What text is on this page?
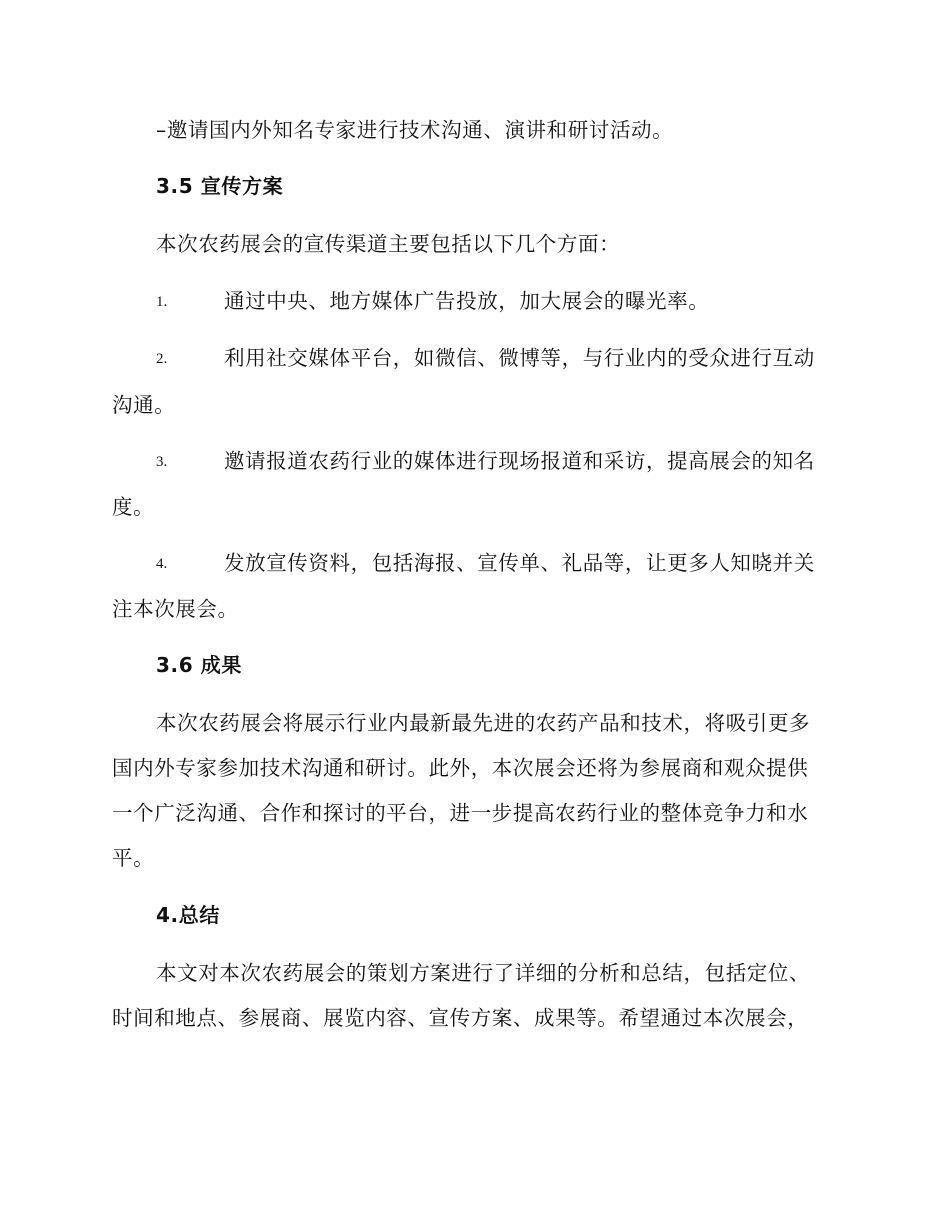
–邀请国内外知名专家进行技术沟通、演讲和研讨活动。
3.5 宣传方案
本次农药展会的宣传渠道主要包括以下几个方面：
1.	通过中央、地方媒体广告投放，加大展会的曝光率。
2.	利用社交媒体平台，如微信、微博等，与行业内的受众进行互动
沟通。
3.	邀请报道农药行业的媒体进行现场报道和采访，提高展会的知名
度。
4.	发放宣传资料，包括海报、宣传单、礼品等，让更多人知晓并关
注本次展会。
3.6 成果
本次农药展会将展示行业内最新最先进的农药产品和技术，将吸引更多
国内外专家参加技术沟通和研讨。此外，本次展会还将为参展商和观众提供
一个广泛沟通、合作和探讨的平台，进一步提高农药行业的整体竞争力和水
平。
4.总结
本文对本次农药展会的策划方案进行了详细的分析和总结，包括定位、
时间和地点、参展商、展览内容、宣传方案、成果等。希望通过本次展会，
